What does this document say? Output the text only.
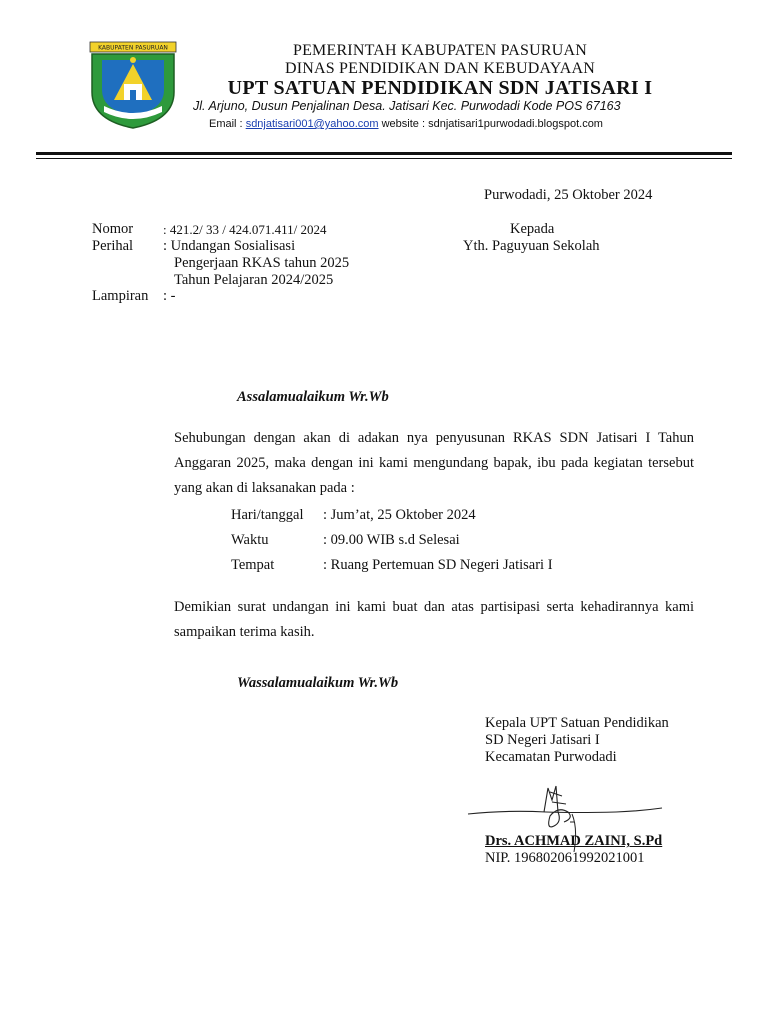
KABUPATEN PASURUAN	PEMERINTAH KABUPATEN PASURUAN
DINAS PENDIDIKAN DAN KEBUDAYAAN
UPT SATUAN PENDIDIKAN SDN JATISARI I
Jl. Arjuno, Dusun Penjalinan Desa. Jatisari Kec. Purwodadi Kode POS 67163
Email : sdnjatisari001@yahoo.com website : sdnjatisari1purwodadi.blogspot.com
Purwodadi, 25 Oktober 2024
Nomor : 421.2/ 33 / 424.071.411/ 2024
Perihal : Undangan Sosialisasi
Pengerjaan RKAS tahun 2025
Tahun Pelajaran 2024/2025
Lampiran : -
Kepada
Yth. Paguyuan Sekolah
Assalamualaikum Wr.Wb
Sehubungan dengan akan di adakan nya penyusunan RKAS SDN Jatisari I Tahun Anggaran 2025, maka dengan ini kami mengundang bapak, ibu pada kegiatan tersebut yang akan di laksanakan pada :
Hari/tanggal : Jum’at, 25 Oktober 2024
Waktu	: 09.00 WIB s.d Selesai
Tempat	: Ruang Pertemuan SD Negeri Jatisari I
Demikian surat undangan ini kami buat dan atas partisipasi serta kehadirannya kami sampaikan terima kasih.
Wassalamualaikum Wr.Wb
Kepala UPT Satuan Pendidikan
SD Negeri Jatisari I
Kecamatan Purwodadi
Drs. ACHMAD ZAINI, S.Pd
NIP. 196802061992021001
